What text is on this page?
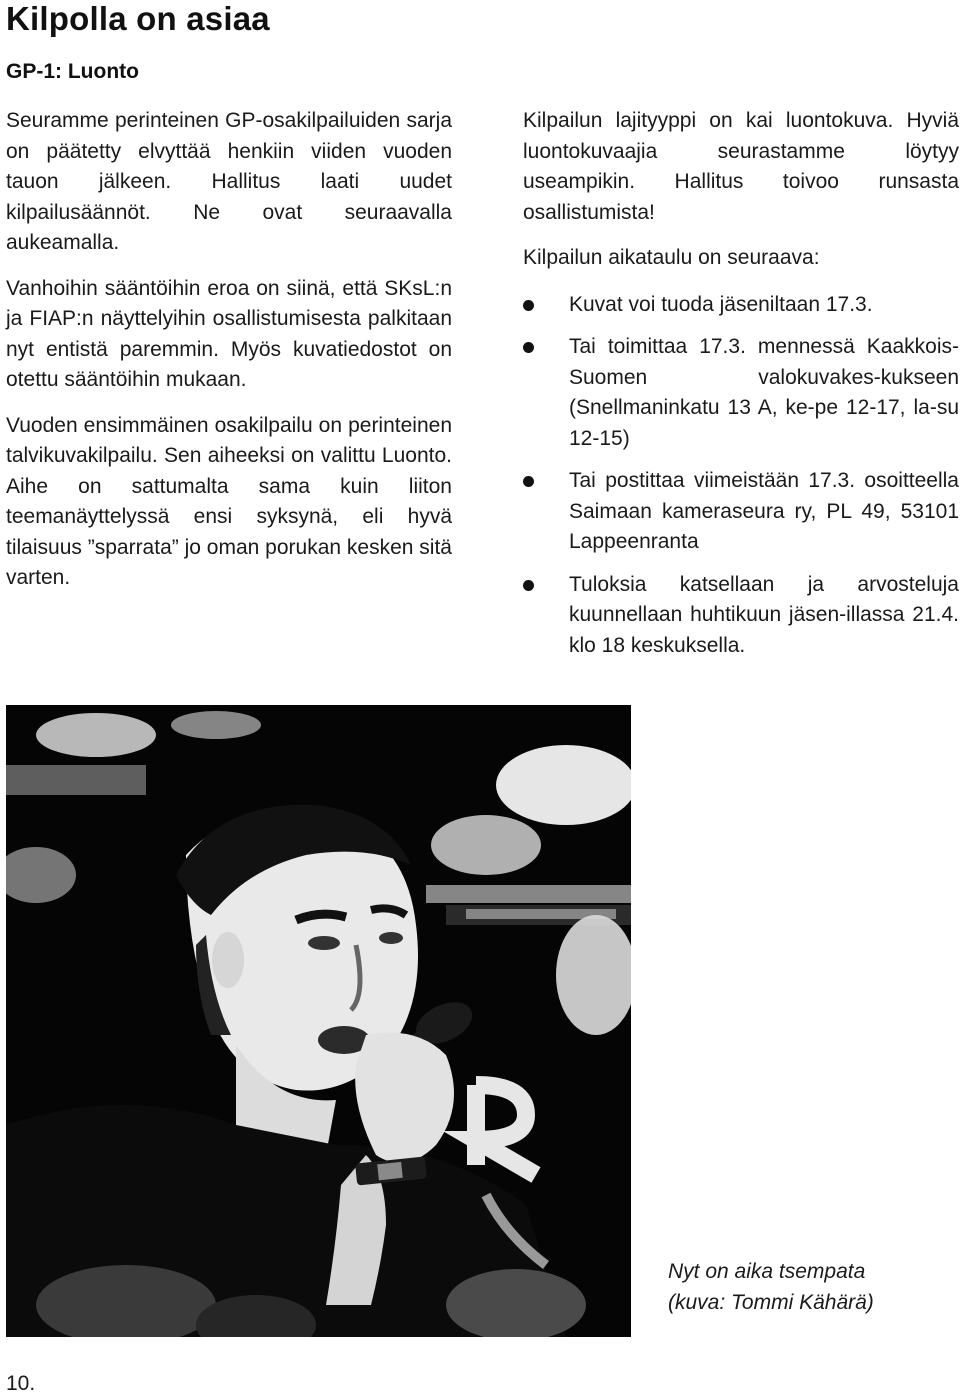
Kilpolla on asiaa
GP-1: Luonto

Seuramme perinteinen GP-osakilpailuiden sarja on päätetty elvyttää henkiin viiden vuoden tauon jälkeen. Hallitus laati uudet kilpailusäännöt. Ne ovat seuraavalla aukeamalla.

Vanhoihin sääntöihin eroa on siinä, että SKsL:n ja FIAP:n näyttelyihin osallistumisesta palkitaan nyt entistä paremmin. Myös kuvatiedostot on otettu sääntöihin mukaan.

Vuoden ensimmäinen osakilpailu on perinteinen talvikuvakilpailu. Sen aiheeksi on valittu Luonto. Aihe on sattumalta sama kuin liiton teemanäyttelyssä ensi syksynä, eli hyvä tilaisuus ”sparrata” jo oman porukan kesken sitä varten.

Kilpailun lajityyppi on kai luontokuva. Hyviä luontokuvaajia seurastamme löytyy useampikin. Hallitus toivoo runsasta osallistumista!

Kilpailun aikataulu on seuraava:

Kuvat voi tuoda jäseniltaan 17.3.
Tai toimittaa 17.3. mennessä Kaakkois-Suomen valokuvakes-kukseen (Snellmaninkatu 13 A, ke-pe 12-17, la-su 12-15)
Tai postittaa viimeistään 17.3. osoitteella Saimaan kameraseura ry, PL 49, 53101 Lappeenranta
Tuloksia katsellaan ja arvosteluja kuunnellaan huhtikuun jäsen-illassa 21.4. klo 18 keskuksella.
Nyt on aika tsempata
(kuva: Tommi Kähärä)
10.
